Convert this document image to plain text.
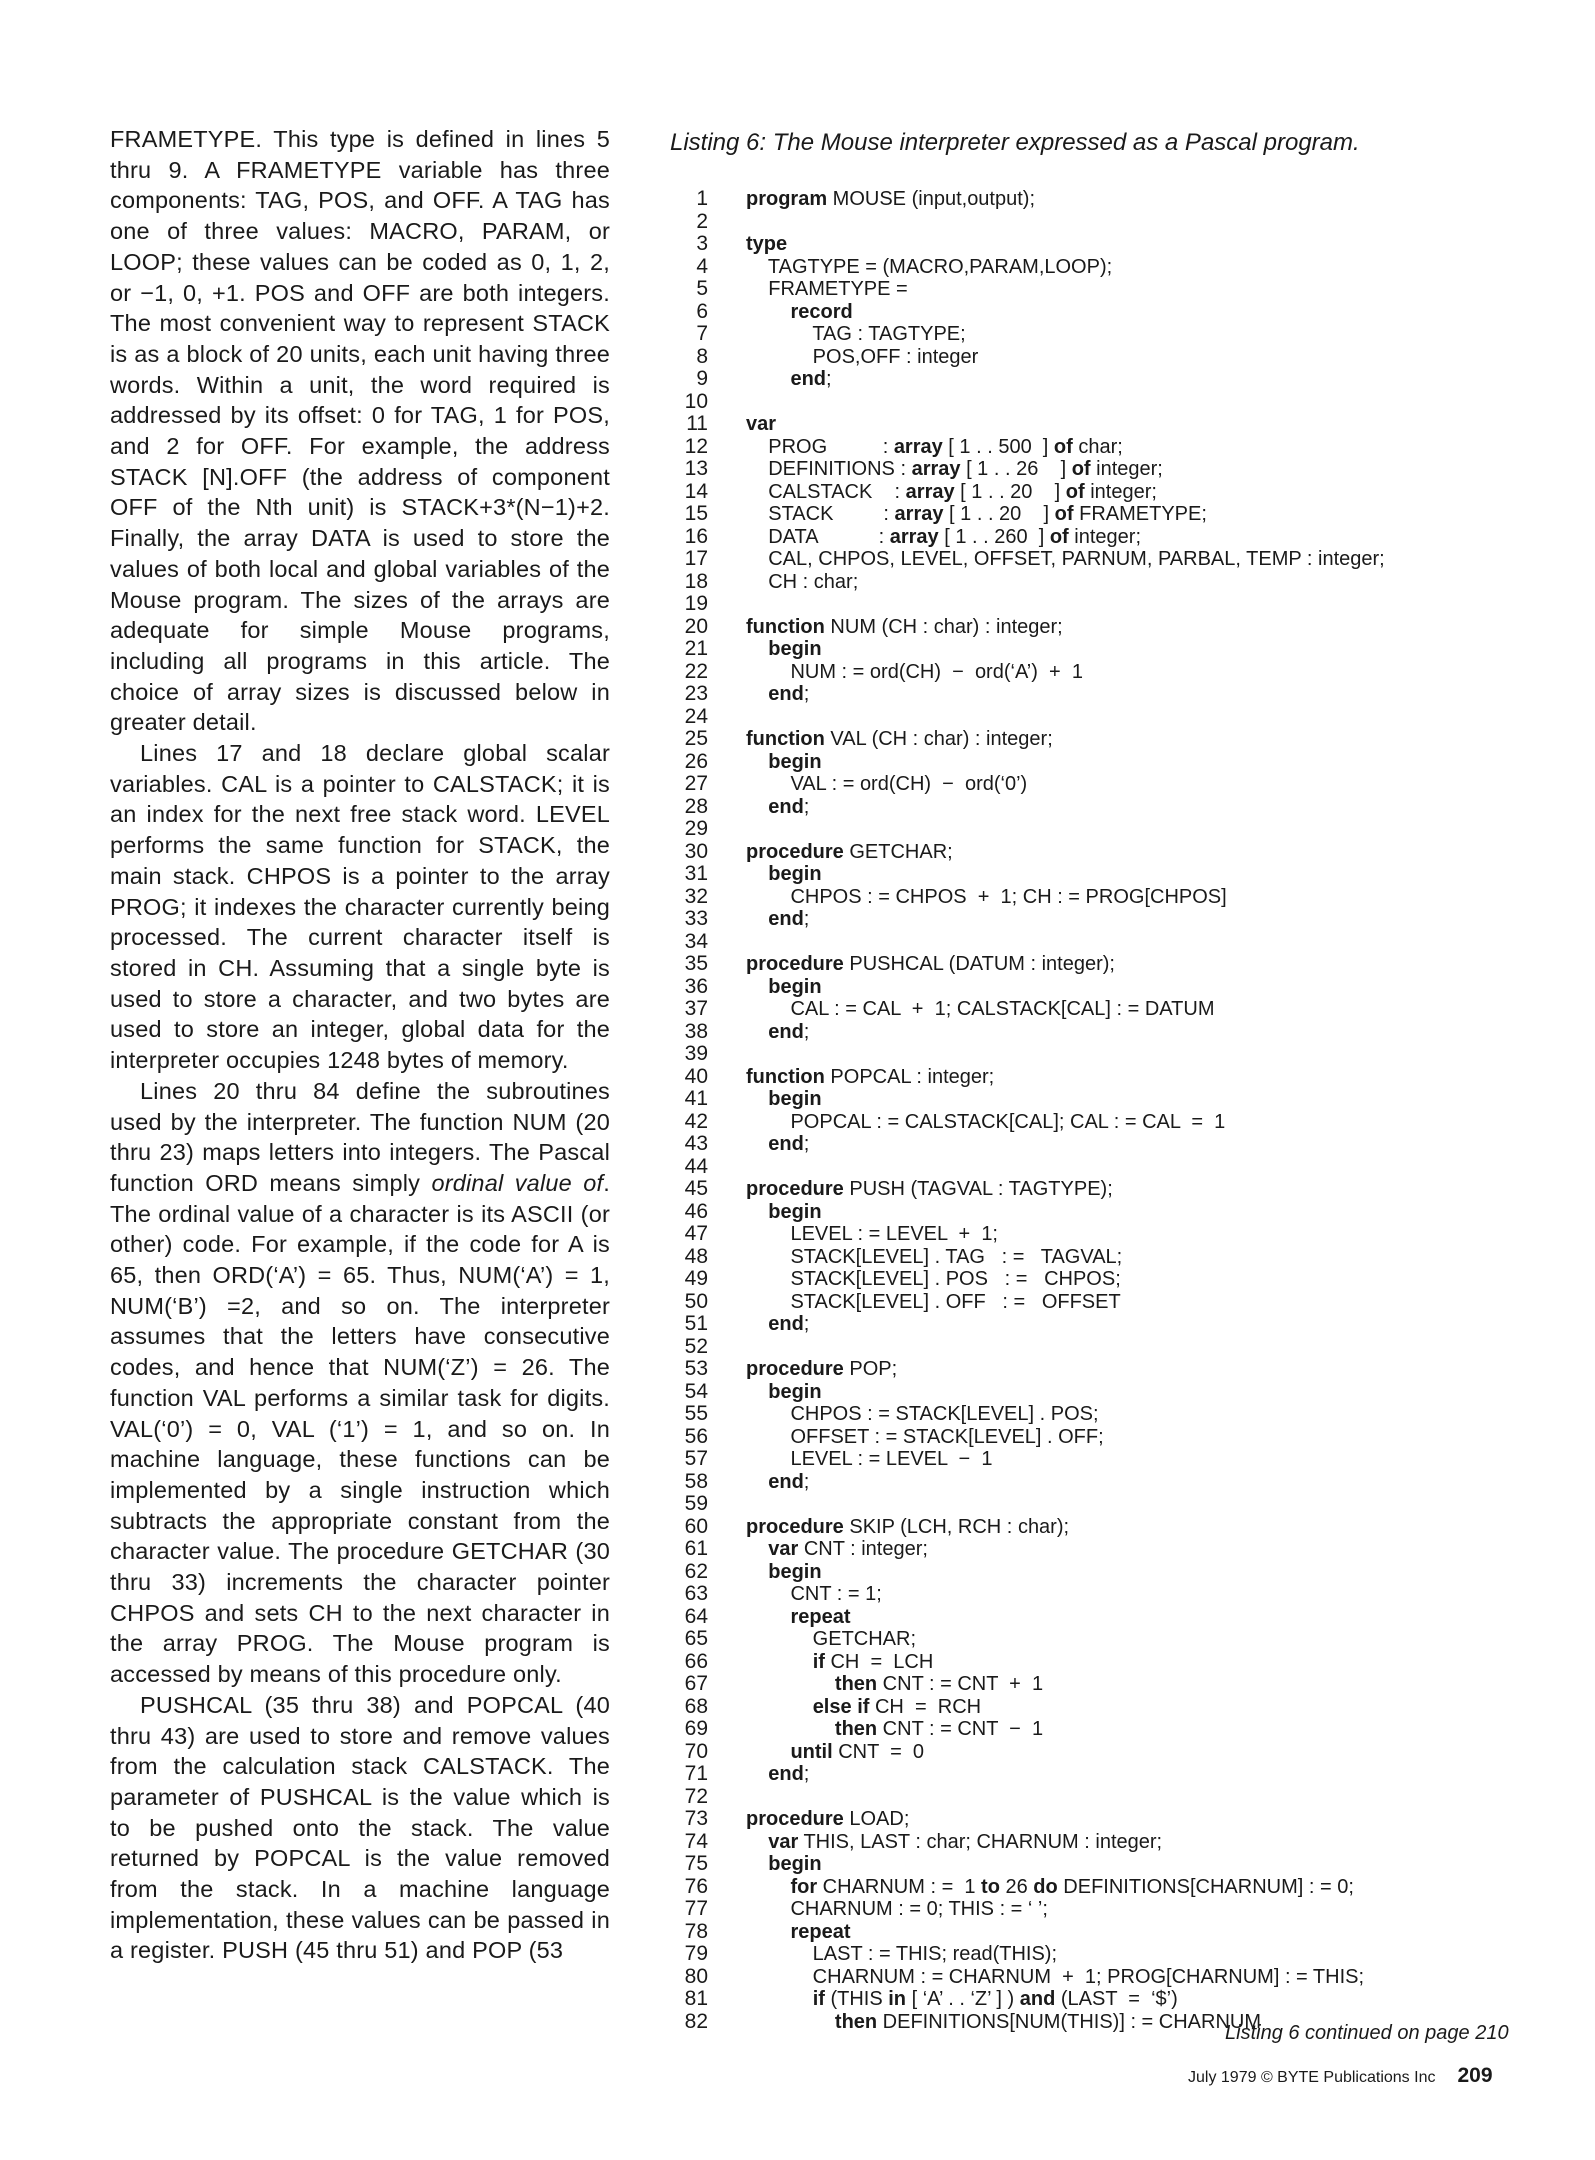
FRAMETYPE. This type is defined in lines 5 thru 9. A FRAMETYPE variable has three components: TAG, POS, and OFF. A TAG has one of three values: MACRO, PARAM, or LOOP; these values can be coded as 0, 1, 2, or −1, 0, +1. POS and OFF are both integers. The most convenient way to represent STACK is as a block of 20 units, each unit having three words. Within a unit, the word required is addressed by its offset: 0 for TAG, 1 for POS, and 2 for OFF. For example, the address STACK [N].OFF (the address of component OFF of the Nth unit) is STACK+3*(N−1)+2. Finally, the array DATA is used to store the values of both local and global variables of the Mouse program. The sizes of the arrays are adequate for simple Mouse programs, including all programs in this article. The choice of array sizes is discussed below in greater detail.

Lines 17 and 18 declare global scalar variables. CAL is a pointer to CALSTACK; it is an index for the next free stack word. LEVEL performs the same function for STACK, the main stack. CHPOS is a pointer to the array PROG; it indexes the character currently being processed. The current character itself is stored in CH. Assuming that a single byte is used to store a character, and two bytes are used to store an integer, global data for the interpreter occupies 1248 bytes of memory.

Lines 20 thru 84 define the subroutines used by the interpreter. The function NUM (20 thru 23) maps letters into integers. The Pascal function ORD means simply ordinal value of. The ordinal value of a character is its ASCII (or other) code. For example, if the code for A is 65, then ORD(‘A’) = 65. Thus, NUM(‘A’) = 1, NUM(‘B’) =2, and so on. The interpreter assumes that the letters have consecutive codes, and hence that NUM(‘Z’) = 26. The function VAL performs a similar task for digits. VAL(‘0’) = 0, VAL (‘1’) = 1, and so on. In machine language, these functions can be implemented by a single instruction which subtracts the appropriate constant from the character value. The procedure GETCHAR (30 thru 33) increments the character pointer CHPOS and sets CH to the next character in the array PROG. The Mouse program is accessed by means of this procedure only.

PUSHCAL (35 thru 38) and POPCAL (40 thru 43) are used to store and remove values from the calculation stack CALSTACK. The parameter of PUSHCAL is the value which is to be pushed onto the stack. The value returned by POPCAL is the value removed from the stack. In a machine language implementation, these values can be passed in a register. PUSH (45 thru 51) and POP (53

Listing 6: The Mouse interpreter expressed as a Pascal program.
1	program MOUSE (input,output);
2
3	type
4	TAGTYPE = (MACRO,PARAM,LOOP);
5	FRAMETYPE =
6	record
7	TAG : TAGTYPE;
8	POS,OFF : integer
9	end;
10
11	var
12	PROG          : array [ 1 . . 500  ] of char;
13	DEFINITIONS : array [ 1 . . 26    ] of integer;
14	CALSTACK    : array [ 1 . . 20    ] of integer;
15	STACK         : array [ 1 . . 20    ] of FRAMETYPE;
16	DATA           : array [ 1 . . 260  ] of integer;
17	CAL, CHPOS, LEVEL, OFFSET, PARNUM, PARBAL, TEMP : integer;
18	CH : char;
19
20	function NUM (CH : char) : integer;
21	begin
22	NUM : = ord(CH)  −  ord(‘A’)  +  1
23	end;
24
25	function VAL (CH : char) : integer;
26	begin
27	VAL : = ord(CH)  −  ord(‘0’)
28	end;
29
30	procedure GETCHAR;
31	begin
32	CHPOS : = CHPOS  +  1; CH : = PROG[CHPOS]
33	end;
34
35	procedure PUSHCAL (DATUM : integer);
36	begin
37	CAL : = CAL  +  1; CALSTACK[CAL] : = DATUM
38	end;
39
40	function POPCAL : integer;
41	begin
42	POPCAL : = CALSTACK[CAL]; CAL : = CAL  =  1
43	end;
44
45	procedure PUSH (TAGVAL : TAGTYPE);
46	begin
47	LEVEL : = LEVEL  +  1;
48	STACK[LEVEL] . TAG   : =   TAGVAL;
49	STACK[LEVEL] . POS   : =   CHPOS;
50	STACK[LEVEL] . OFF   : =   OFFSET
51	end;
52
53	procedure POP;
54	begin
55	CHPOS : = STACK[LEVEL] . POS;
56	OFFSET : = STACK[LEVEL] . OFF;
57	LEVEL : = LEVEL  −  1
58	end;
59
60	procedure SKIP (LCH, RCH : char);
61	var CNT : integer;
62	begin
63	CNT : = 1;
64	repeat
65	GETCHAR;
66	if CH  =  LCH
67	then CNT : = CNT  +  1
68	else if CH  =  RCH
69	then CNT : = CNT  −  1
70	until CNT  =  0
71	end;
72
73	procedure LOAD;
74	var THIS, LAST : char; CHARNUM : integer;
75	begin
76	for CHARNUM : =  1 to 26 do DEFINITIONS[CHARNUM] : = 0;
77	CHARNUM : = 0; THIS : = ‘ ’;
78	repeat
79	LAST : = THIS; read(THIS);
80	CHARNUM : = CHARNUM  +  1; PROG[CHARNUM] : = THIS;
81	if (THIS in [ ‘A’ . . ‘Z’ ] ) and (LAST  =  ‘$’)
82	then DEFINITIONS[NUM(THIS)] : = CHARNUM
Listing 6 continued on page 210
July 1979 © BYTE Publications Inc 209
